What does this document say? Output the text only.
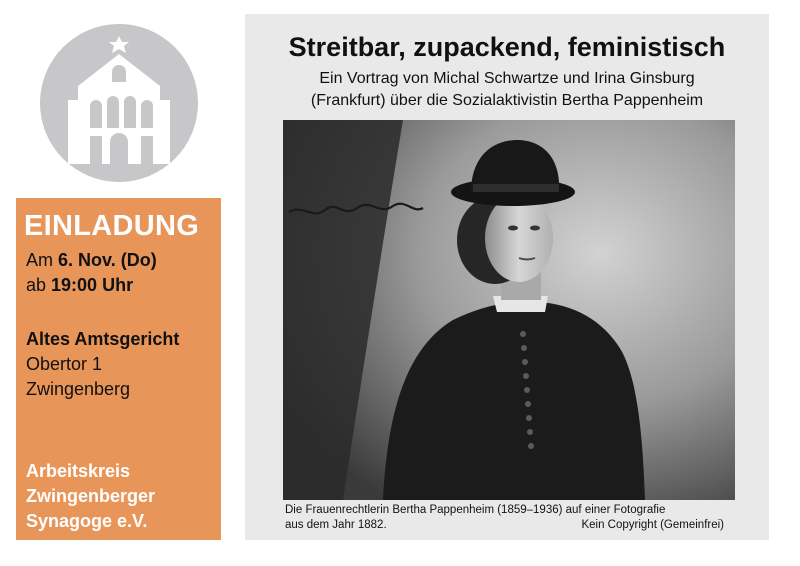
EINLADUNG
Am 6. Nov. (Do)
ab 19:00 Uhr
Altes Amtsgericht
Obertor 1
Zwingenberg
Arbeitskreis
Zwingenberger
Synagoge e.V.
Streitbar, zupackend, feministisch
Ein Vortrag von Michal Schwartze und Irina Ginsburg
(Frankfurt) über die Sozialaktivistin Bertha Pappenheim
Die Frauenrechtlerin Bertha Pappenheim (1859–1936) auf einer Fotografie
aus dem Jahr 1882.	Kein Copyright (Gemeinfrei)
